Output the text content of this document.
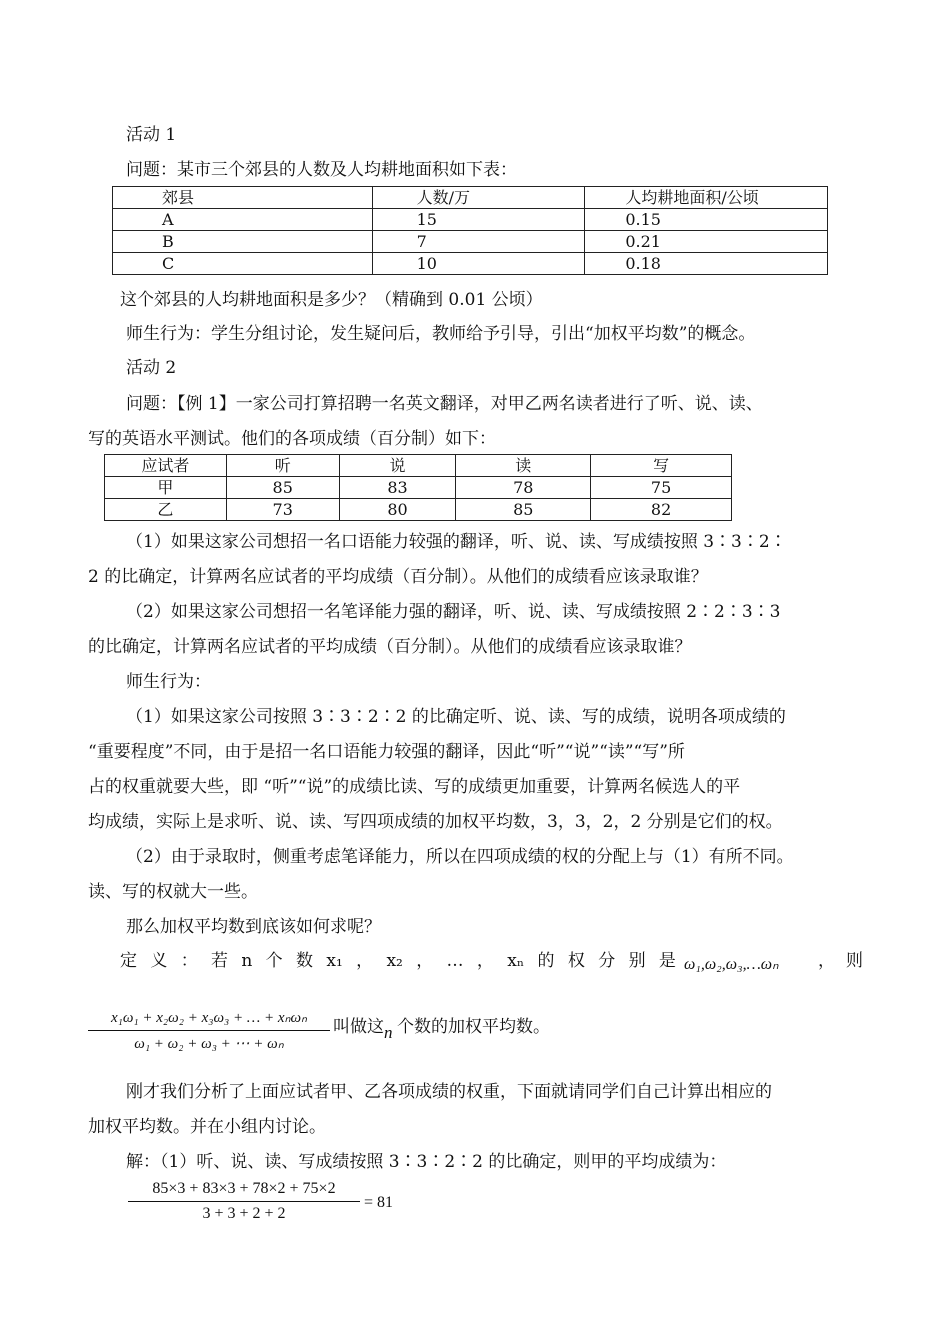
活动 1
问题：某市三个郊县的人数及人均耕地面积如下表：
郊县	人数/万	人均耕地面积/公顷
A	15	0.15
B	7	0.21
C	10	0.18
这个郊县的人均耕地面积是多少？（精确到 0.01 公顷）
师生行为：学生分组讨论，发生疑问后，教师给予引导，引出“加权平均数”的概念。
活动 2
问题：【例 1】一家公司打算招聘一名英文翻译，对甲乙两名读者进行了听、说、读、
写的英语水平测试。他们的各项成绩（百分制）如下：
应试者	听	说	读	写
甲	85	83	78	75
乙	73	80	85	82
（1）如果这家公司想招一名口语能力较强的翻译，听、说、读、写成绩按照 3∶3∶2∶
2 的比确定，计算两名应试者的平均成绩（百分制）。从他们的成绩看应该录取谁？
（2）如果这家公司想招一名笔译能力强的翻译，听、说、读、写成绩按照 2∶2∶3∶3
的比确定，计算两名应试者的平均成绩（百分制）。从他们的成绩看应该录取谁？
师生行为：
（1）如果这家公司按照 3∶3∶2∶2 的比确定听、说、读、写的成绩，说明各项成绩的
“重要程度”不同，由于是招一名口语能力较强的翻译，因此“听”“说”“读”“写”所
占的权重就要大些，即 “听”“说”的成绩比读、写的成绩更加重要，计算两名候选人的平
均成绩，实际上是求听、说、读、写四项成绩的加权平均数，3，3，2，2 分别是它们的权。
（2）由于录取时，侧重考虑笔译能力，所以在四项成绩的权的分配上与（1）有所不同。
读、写的权就大一些。
那么加权平均数到底该如何求呢？
定 义 ： 若 n 个 数 x₁ ， x₂ ， … ， xₙ 的 权 分 别 是 ω₁,ω₂,ω₃,…ωₙ ， 则
x₁ω₁ + x₂ω₂ + x₃ω₃ + … + xₙωₙ
ω₁ + ω₂ + ω₃ + ⋯ + ωₙ
叫做这 n 个数的加权平均数。
刚才我们分析了上面应试者甲、乙各项成绩的权重，下面就请同学们自己计算出相应的
加权平均数。并在小组内讨论。
解：（1）听、说、读、写成绩按照 3∶3∶2∶2 的比确定，则甲的平均成绩为：
85×3 + 83×3 + 78×2 + 75×2
3 + 3 + 2 + 2
= 81
